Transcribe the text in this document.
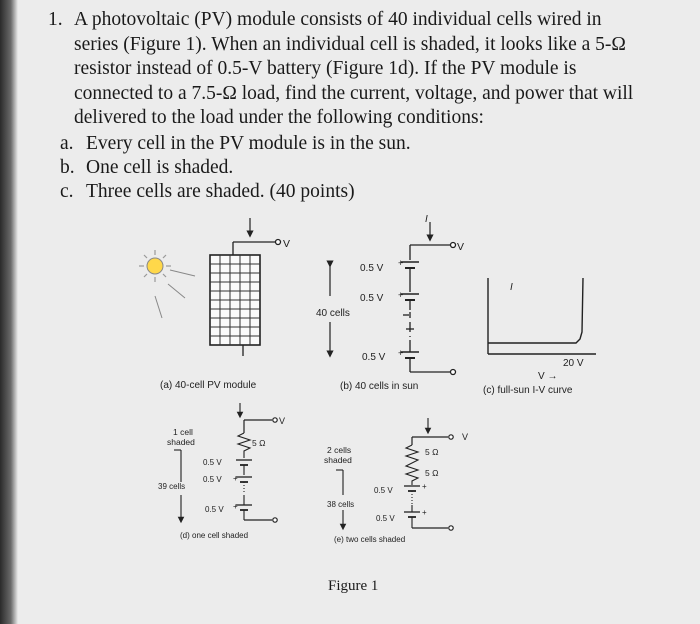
1. A photovoltaic (PV) module consists of 40 individual cells wired in
series (Figure 1). When an individual cell is shaded, it looks like a 5-Ω
resistor instead of 0.5-V battery (Figure 1d). If the PV module is
connected to a 7.5-Ω load, find the current, voltage, and power that will
delivered to the load under the following conditions:
a. Every cell in the PV module is in the sun.
b. One cell is shaded.
c. Three cells are shaded. (40 points)
V
(a) 40-cell PV module
40 cells
+
+
+
V
I
0.5 V
0.5 V
0.5 V
(b) 40 cells in sun
I
20 V
V →
(c) full-sun I-V curve
1 cell
shaded
39 cells
+
+
V
5 Ω
0.5 V
0.5 V
0.5 V
(d) one cell shaded
2 cells
shaded
38 cells
+
+
V
5 Ω
5 Ω
0.5 V
0.5 V
(e) two cells shaded
Figure 1
